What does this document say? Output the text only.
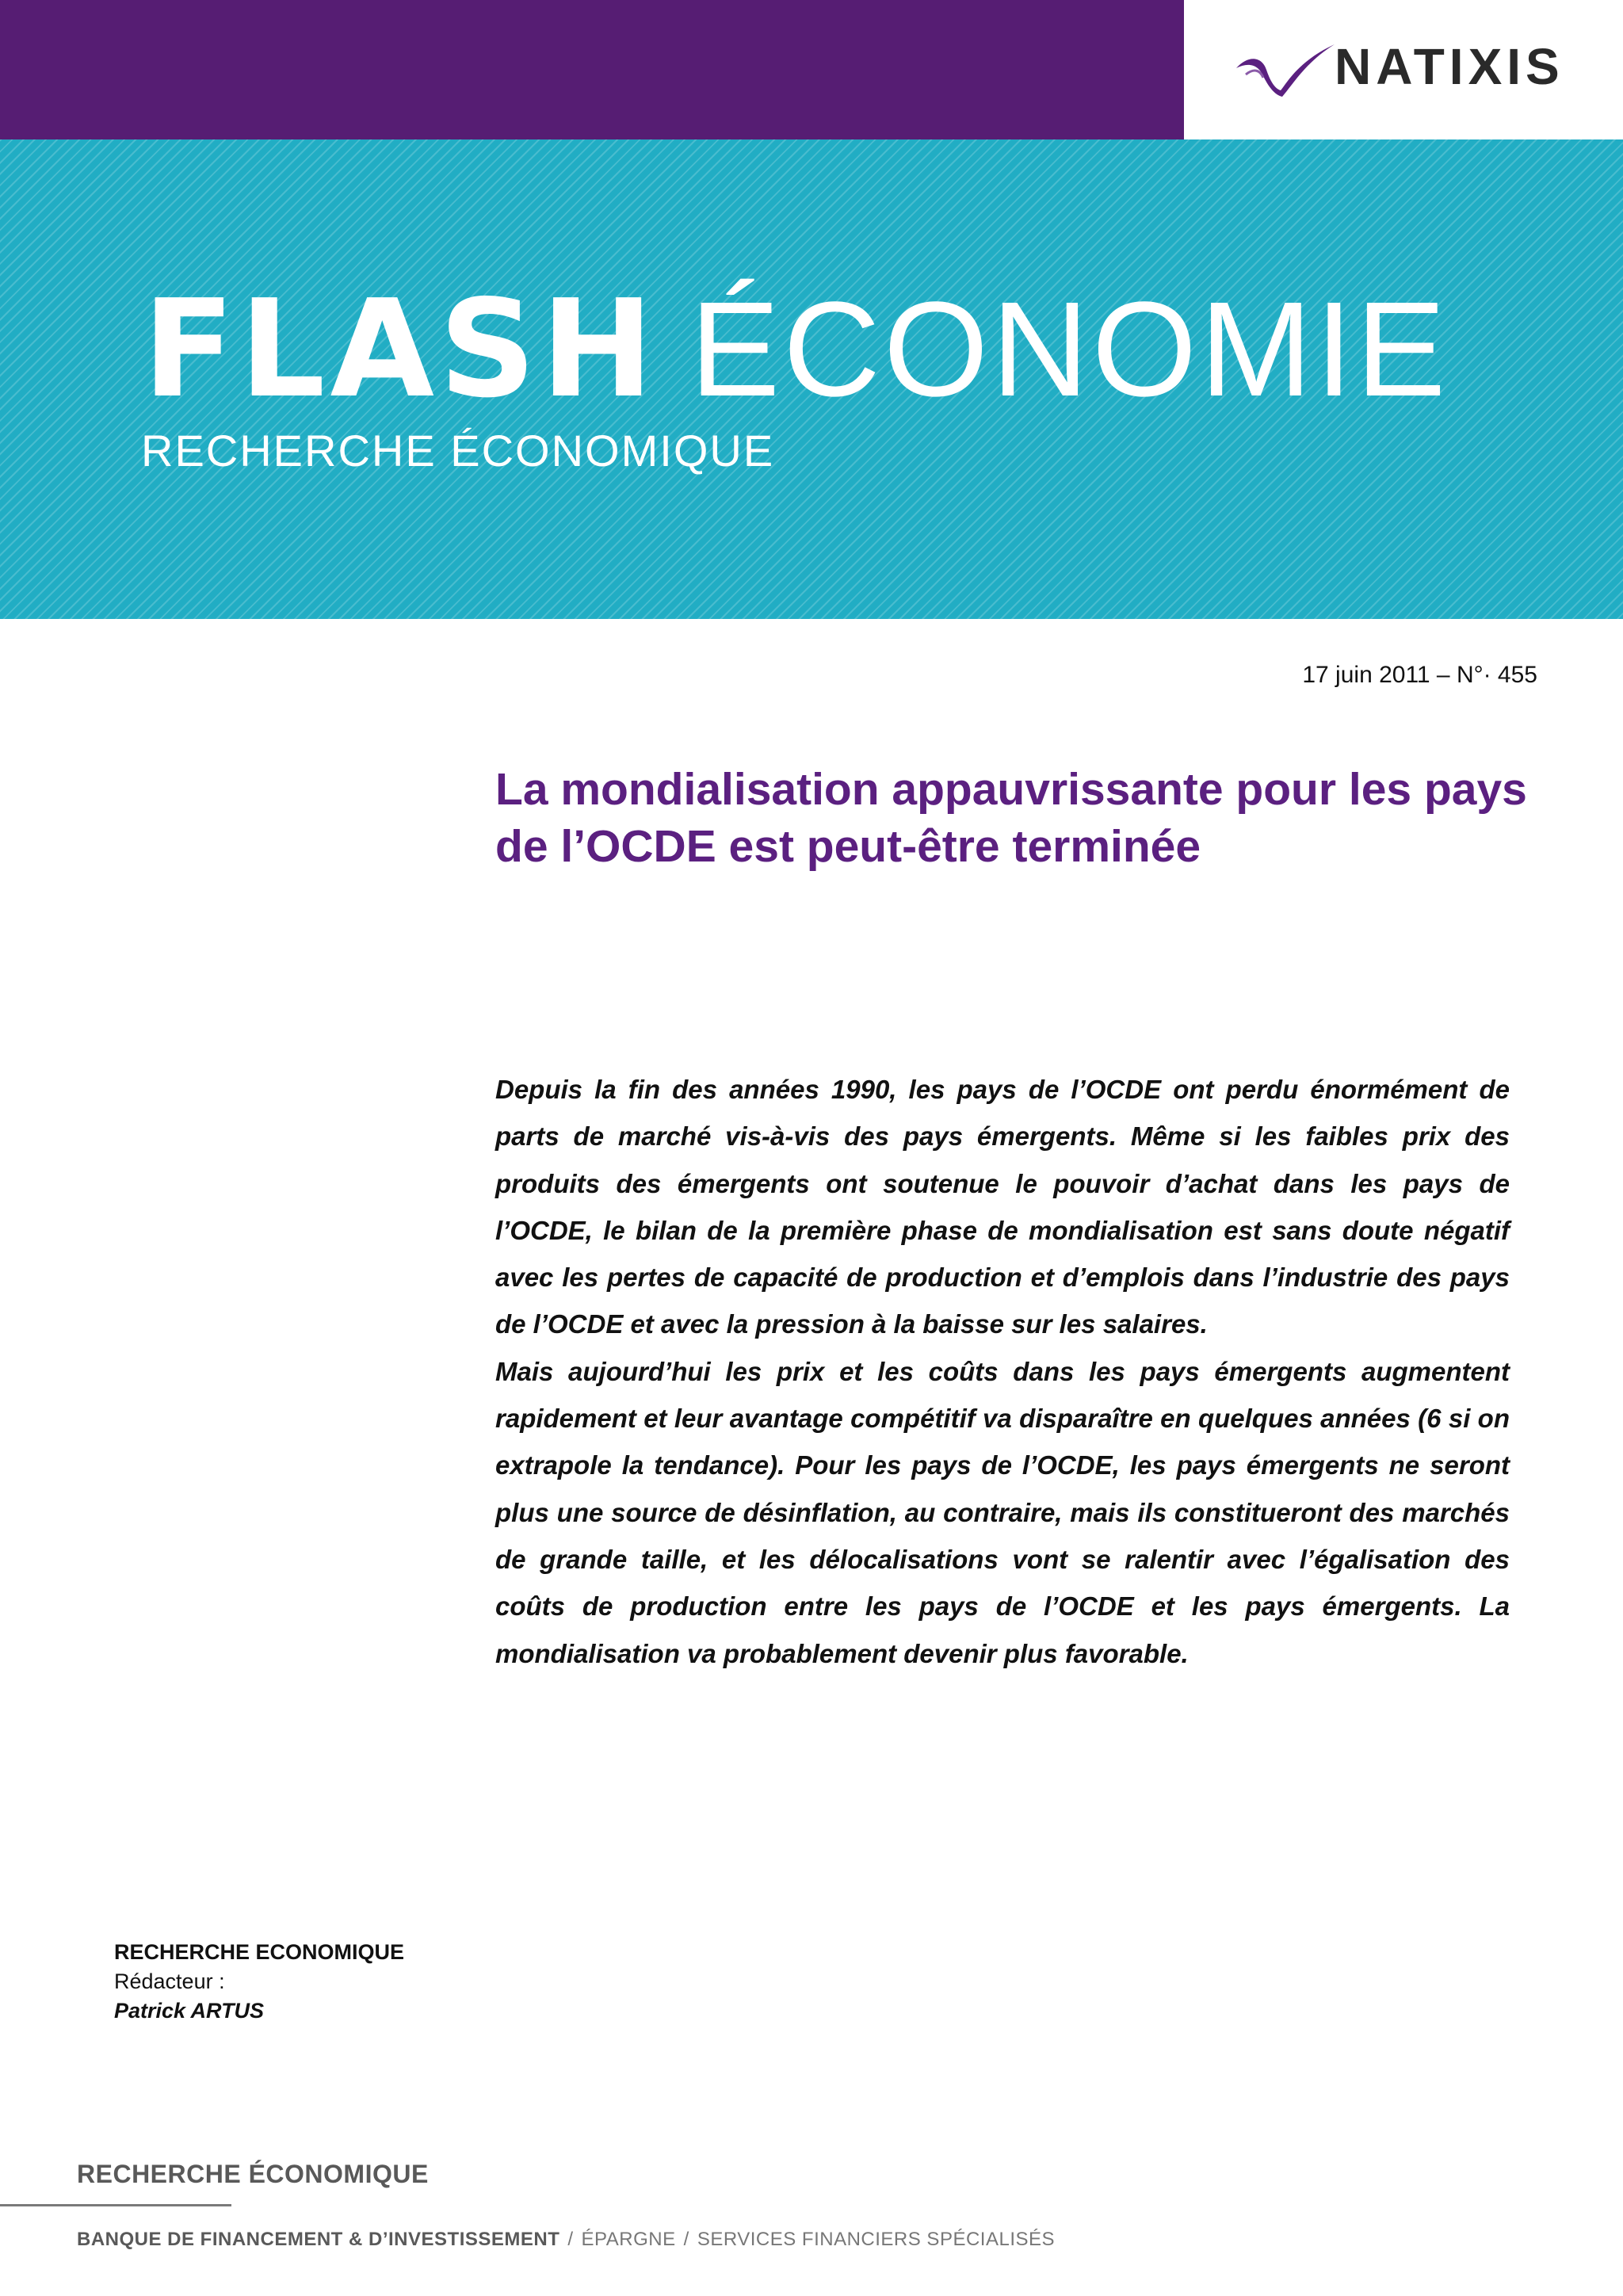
NATIXIS
FLASH ÉCONOMIE
RECHERCHE ÉCONOMIQUE
17 juin 2011 – N°· 455
La mondialisation appauvrissante pour les pays de l’OCDE est peut-être terminée

Depuis la fin des années 1990, les pays de l’OCDE ont perdu énormément de parts de marché vis-à-vis des pays émergents. Même si les faibles prix des produits des émergents ont soutenue le pouvoir d’achat dans les pays de l’OCDE, le bilan de la première phase de mondialisation est sans doute négatif avec les pertes de capacité de production et d’emplois dans l’industrie des pays de l’OCDE et avec la pression à la baisse sur les salaires.

Mais aujourd’hui les prix et les coûts dans les pays émergents augmentent rapidement et leur avantage compétitif va disparaître en quelques années (6 si on extrapole la tendance). Pour les pays de l’OCDE, les pays émergents ne seront plus une source de désinflation, au contraire, mais ils constitueront des marchés de grande taille, et les délocalisations vont se ralentir avec l’égalisation des coûts de production entre les pays de l’OCDE et les pays émergents. La mondialisation va probablement devenir plus favorable.

RECHERCHE ECONOMIQUE
Rédacteur :
Patrick ARTUS
RECHERCHE ÉCONOMIQUE
BANQUE DE FINANCEMENT & D’INVESTISSEMENT / ÉPARGNE / SERVICES FINANCIERS SPÉCIALISÉS
